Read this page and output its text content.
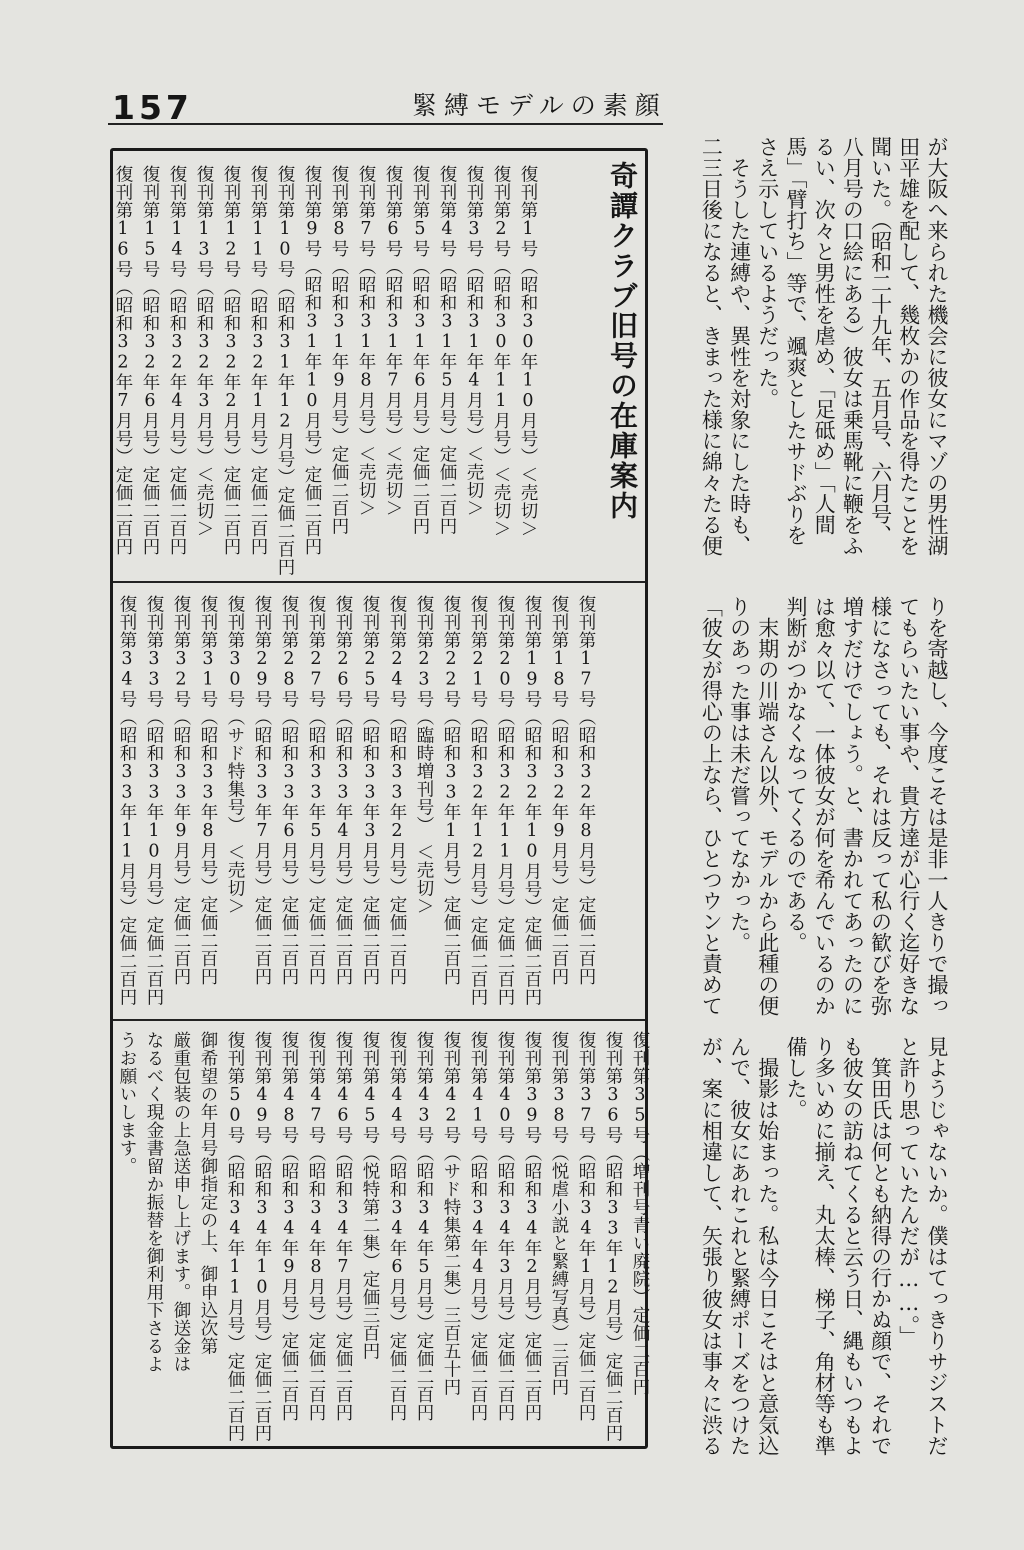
157	緊縛モデルの素顔

が大阪へ来られた機会に彼女にマゾの男性湖

田平雄を配して、幾枚かの作品を得たことを

聞いた。（昭和二十九年、五月号、六月号、

八月号の口絵にある）彼女は乗馬靴に鞭をふ

るい、次々と男性を虐め、「足砥め」「人間

馬」「臂打ち」等で、颯爽としたサドぶりを

さえ示しているようだった。

　そうした連縛や、異性を対象にした時も、

二三日後になると、きまった様に綿々たる便

りを寄越し、今度こそは是非一人きりで撮っ

てもらいたい事や、貴方達が心行く迄好きな

様になさっても、それは反って私の歓びを弥

増すだけでしょう。と、書かれてあったのに

は愈々以て、一体彼女が何を希んでいるのか

判断がつかなくなってくるのである。

　末期の川端さん以外、モデルから此種の便

りのあった事は未だ嘗ってなかった。

「彼女が得心の上なら、ひとつウンと責めて

見ようじゃないか。僕はてっきりサジストだ

と許り思っていたんだが……。」

　箕田氏は何とも納得の行かぬ顔で、それで

も彼女の訪ねてくると云う日、縄もいつもよ

り多いめに揃え、丸太棒、梯子、角材等も準

備した。

　撮影は始まった。私は今日こそはと意気込

んで、彼女にあれこれと緊縛ポーズをつけた

が、案に相違して、矢張り彼女は事々に渋る

奇譚クラブ旧号の在庫案内
復刊第1号（昭和30年10月号）＜売切＞
復刊第2号（昭和30年11月号）＜売切＞
復刊第3号（昭和31年4月号）＜売切＞
復刊第4号（昭和31年5月号）定価二百円
復刊第5号（昭和31年6月号）定価二百円
復刊第6号（昭和31年7月号）＜売切＞
復刊第7号（昭和31年8月号）＜売切＞
復刊第8号（昭和31年9月号）定価二百円
復刊第9号（昭和31年10月号）定価二百円
復刊第10号（昭和31年12月号）定価二百円
復刊第11号（昭和32年1月号）定価二百円
復刊第12号（昭和32年2月号）定価二百円
復刊第13号（昭和32年3月号）＜売切＞
復刊第14号（昭和32年4月号）定価二百円
復刊第15号（昭和32年6月号）定価二百円
復刊第16号（昭和32年7月号）定価二百円
復刊第17号（昭和32年8月号）定価二百円
復刊第18号（昭和32年9月号）定価二百円
復刊第19号（昭和32年10月号）定価二百円
復刊第20号（昭和32年11月号）定価二百円
復刊第21号（昭和32年12月号）定価二百円
復刊第22号（昭和33年1月号）定価二百円
復刊第23号（臨時増刊号）　＜売切＞
復刊第24号（昭和33年2月号）定価二百円
復刊第25号（昭和33年3月号）定価二百円
復刊第26号（昭和33年4月号）定価二百円
復刊第27号（昭和33年5月号）定価二百円
復刊第28号（昭和33年6月号）定価二百円
復刊第29号（昭和33年7月号）定価二百円
復刊第30号（サド特集号）　＜売切＞
復刊第31号（昭和33年8月号）定価二百円
復刊第32号（昭和33年9月号）定価二百円
復刊第33号（昭和33年10月号）定価二百円
復刊第34号（昭和33年11月号）定価二百円
復刊第35号（増刊号青い廃院）定価二百円
復刊第36号（昭和33年12月号）定価二百円
復刊第37号（昭和34年1月号）定価二百円
復刊第38号（悦虐小説と緊縛写真）三百円
復刊第39号（昭和34年2月号）定価二百円
復刊第40号（昭和34年3月号）定価二百円
復刊第41号（昭和34年4月号）定価二百円
復刊第42号（サド特集第二集）三百五十円
復刊第43号（昭和34年5月号）定価二百円
復刊第44号（昭和34年6月号）定価二百円
復刊第45号（悦特第二集）定価三百円
復刊第46号（昭和34年7月号）定価二百円
復刊第47号（昭和34年8月号）定価二百円
復刊第48号（昭和34年9月号）定価二百円
復刊第49号（昭和34年10月号）定価二百円
復刊第50号（昭和34年11月号）定価二百円
御希望の年月号御指定の上、御申込次第
厳重包装の上急送申し上げます。御送金は
なるべく現金書留か振替を御利用下さるよ
うお願いします。
